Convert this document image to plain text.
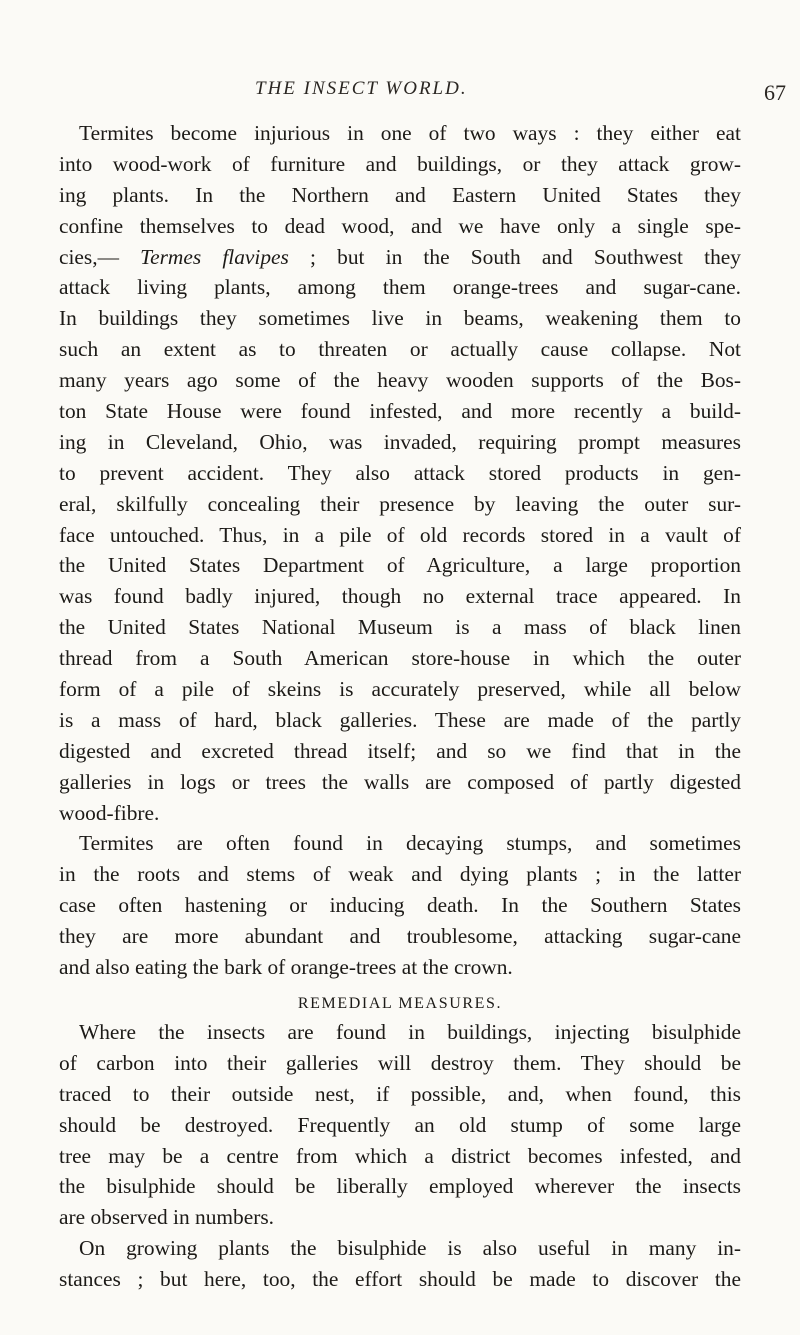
THE INSECT WORLD.	67
Termites become injurious in one of two ways : they either eat
into wood-work of furniture and buildings, or they attack grow-
ing plants. In the Northern and Eastern United States they
confine themselves to dead wood, and we have only a single spe-
cies,— Termes flavipes ; but in the South and Southwest they
attack living plants, among them orange-trees and sugar-cane.
In buildings they sometimes live in beams, weakening them to
such an extent as to threaten or actually cause collapse. Not
many years ago some of the heavy wooden supports of the Bos-
ton State House were found infested, and more recently a build-
ing in Cleveland, Ohio, was invaded, requiring prompt measures
to prevent accident. They also attack stored products in gen-
eral, skilfully concealing their presence by leaving the outer sur-
face untouched. Thus, in a pile of old records stored in a vault of
the United States Department of Agriculture, a large proportion
was found badly injured, though no external trace appeared. In
the United States National Museum is a mass of black linen
thread from a South American store-house in which the outer
form of a pile of skeins is accurately preserved, while all below
is a mass of hard, black galleries. These are made of the partly
digested and excreted thread itself; and so we find that in the
galleries in logs or trees the walls are composed of partly digested
wood-fibre.
Termites are often found in decaying stumps, and sometimes
in the roots and stems of weak and dying plants ; in the latter
case often hastening or inducing death. In the Southern States
they are more abundant and troublesome, attacking sugar-cane
and also eating the bark of orange-trees at the crown.
REMEDIAL MEASURES.
Where the insects are found in buildings, injecting bisulphide
of carbon into their galleries will destroy them. They should be
traced to their outside nest, if possible, and, when found, this
should be destroyed. Frequently an old stump of some large
tree may be a centre from which a district becomes infested, and
the bisulphide should be liberally employed wherever the insects
are observed in numbers.
On growing plants the bisulphide is also useful in many in-
stances ; but here, too, the effort should be made to discover the
